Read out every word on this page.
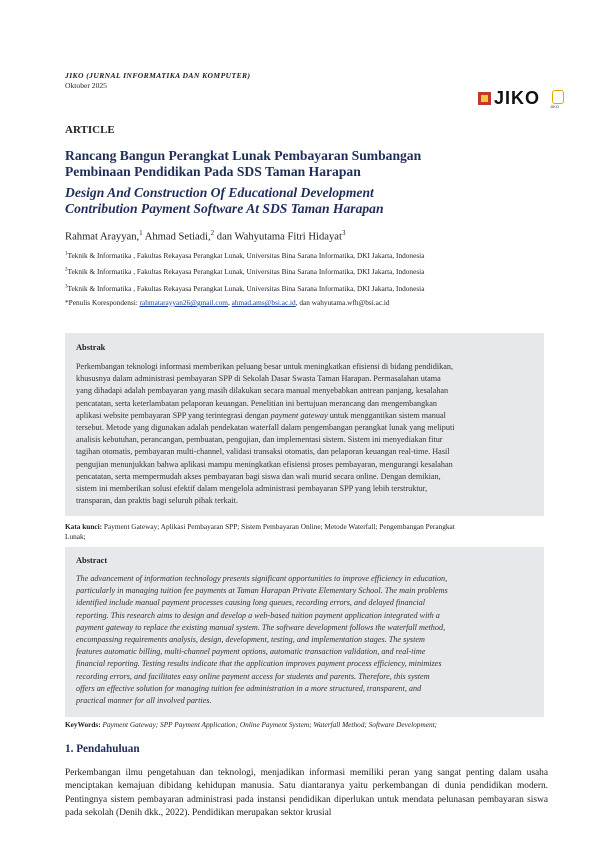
JIKO (JURNAL INFORMATIKA DAN KOMPUTER)
Oktober 2025
JIKO JIKO
ARTICLE
Rancang Bangun Perangkat Lunak Pembayaran Sumbangan
Pembinaan Pendidikan Pada SDS Taman Harapan
Design And Construction Of Educational Development
Contribution Payment Software At SDS Taman Harapan
Rahmat Arayyan,$^1$ Ahmad Setiadi,$^2$ dan Wahyutama Fitri Hidayat$^3$
$^1$Teknik & Informatika , Fakultas Rekayasa Perangkat Lunak, Universitas Bina Sarana Informatika, DKI Jakarta, Indonesia
$^2$Teknik & Informatika , Fakultas Rekayasa Perangkat Lunak, Universitas Bina Sarana Informatika, DKI Jakarta, Indonesia
$^3$Teknik & Informatika , Fakultas Rekayasa Perangkat Lunak, Universitas Bina Sarana Informatika, DKI Jakarta, Indonesia
*Penulis Korespondensi: rahmatarayyan26@gmail.com, ahmad.ams@bsi.ac.id, dan wahyutama.wfh@bsi.ac.id
Abstrak
Perkembangan teknologi informasi memberikan peluang besar untuk meningkatkan efisiensi di bidang pendidikan,
khususnya dalam administrasi pembayaran SPP di Sekolah Dasar Swasta Taman Harapan. Permasalahan utama
yang dihadapi adalah pembayaran yang masih dilakukan secara manual menyebabkan antrean panjang, kesalahan
pencatatan, serta keterlambatan pelaporan keuangan. Penelitian ini bertujuan merancang dan mengembangkan
aplikasi website pembayaran SPP yang terintegrasi dengan payment gateway untuk menggantikan sistem manual
tersebut. Metode yang digunakan adalah pendekatan waterfall dalam pengembangan perangkat lunak yang meliputi
analisis kebutuhan, perancangan, pembuatan, pengujian, dan implementasi sistem. Sistem ini menyediakan fitur
tagihan otomatis, pembayaran multi-channel, validasi transaksi otomatis, dan pelaporan keuangan real-time. Hasil
pengujian menunjukkan bahwa aplikasi mampu meningkatkan efisiensi proses pembayaran, mengurangi kesalahan
pencatatan, serta mempermudah akses pembayaran bagi siswa dan wali murid secara online. Dengan demikian,
sistem ini memberikan solusi efektif dalam mengelola administrasi pembayaran SPP yang lebih terstruktur,
transparan, dan praktis bagi seluruh pihak terkait.
Kata kunci: Payment Gateway; Aplikasi Pembayaran SPP; Sistem Pembayaran Online; Metode Waterfall; Pengembangan Perangkat
Lunak;
Abstract
The advancement of information technology presents significant opportunities to improve efficiency in education,
particularly in managing tuition fee payments at Taman Harapan Private Elementary School. The main problems
identified include manual payment processes causing long queues, recording errors, and delayed financial
reporting. This research aims to design and develop a web-based tuition payment application integrated with a
payment gateway to replace the existing manual system. The software development follows the waterfall method,
encompassing requirements analysis, design, development, testing, and implementation stages. The system
features automatic billing, multi-channel payment options, automatic transaction validation, and real-time
financial reporting. Testing results indicate that the application improves payment process efficiency, minimizes
recording errors, and facilitates easy online payment access for students and parents. Therefore, this system
offers an effective solution for managing tuition fee administration in a more structured, transparent, and
practical manner for all involved parties.
KeyWords: Payment Gateway; SPP Payment Application; Online Payment System; Waterfall Method; Software Development;
1. Pendahuluan
Perkembangan ilmu pengetahuan dan teknologi, menjadikan informasi memiliki peran yang sangat penting dalam usaha menciptakan kemajuan dibidang kehidupan manusia. Satu diantaranya yaitu perkembangan di dunia pendidikan modern. Pentingnya sistem pembayaran administrasi pada instansi pendidikan diperlukan untuk mendata pelunasan pembayaran siswa pada sekolah (Denih dkk., 2022). Pendidikan merupakan sektor krusial
